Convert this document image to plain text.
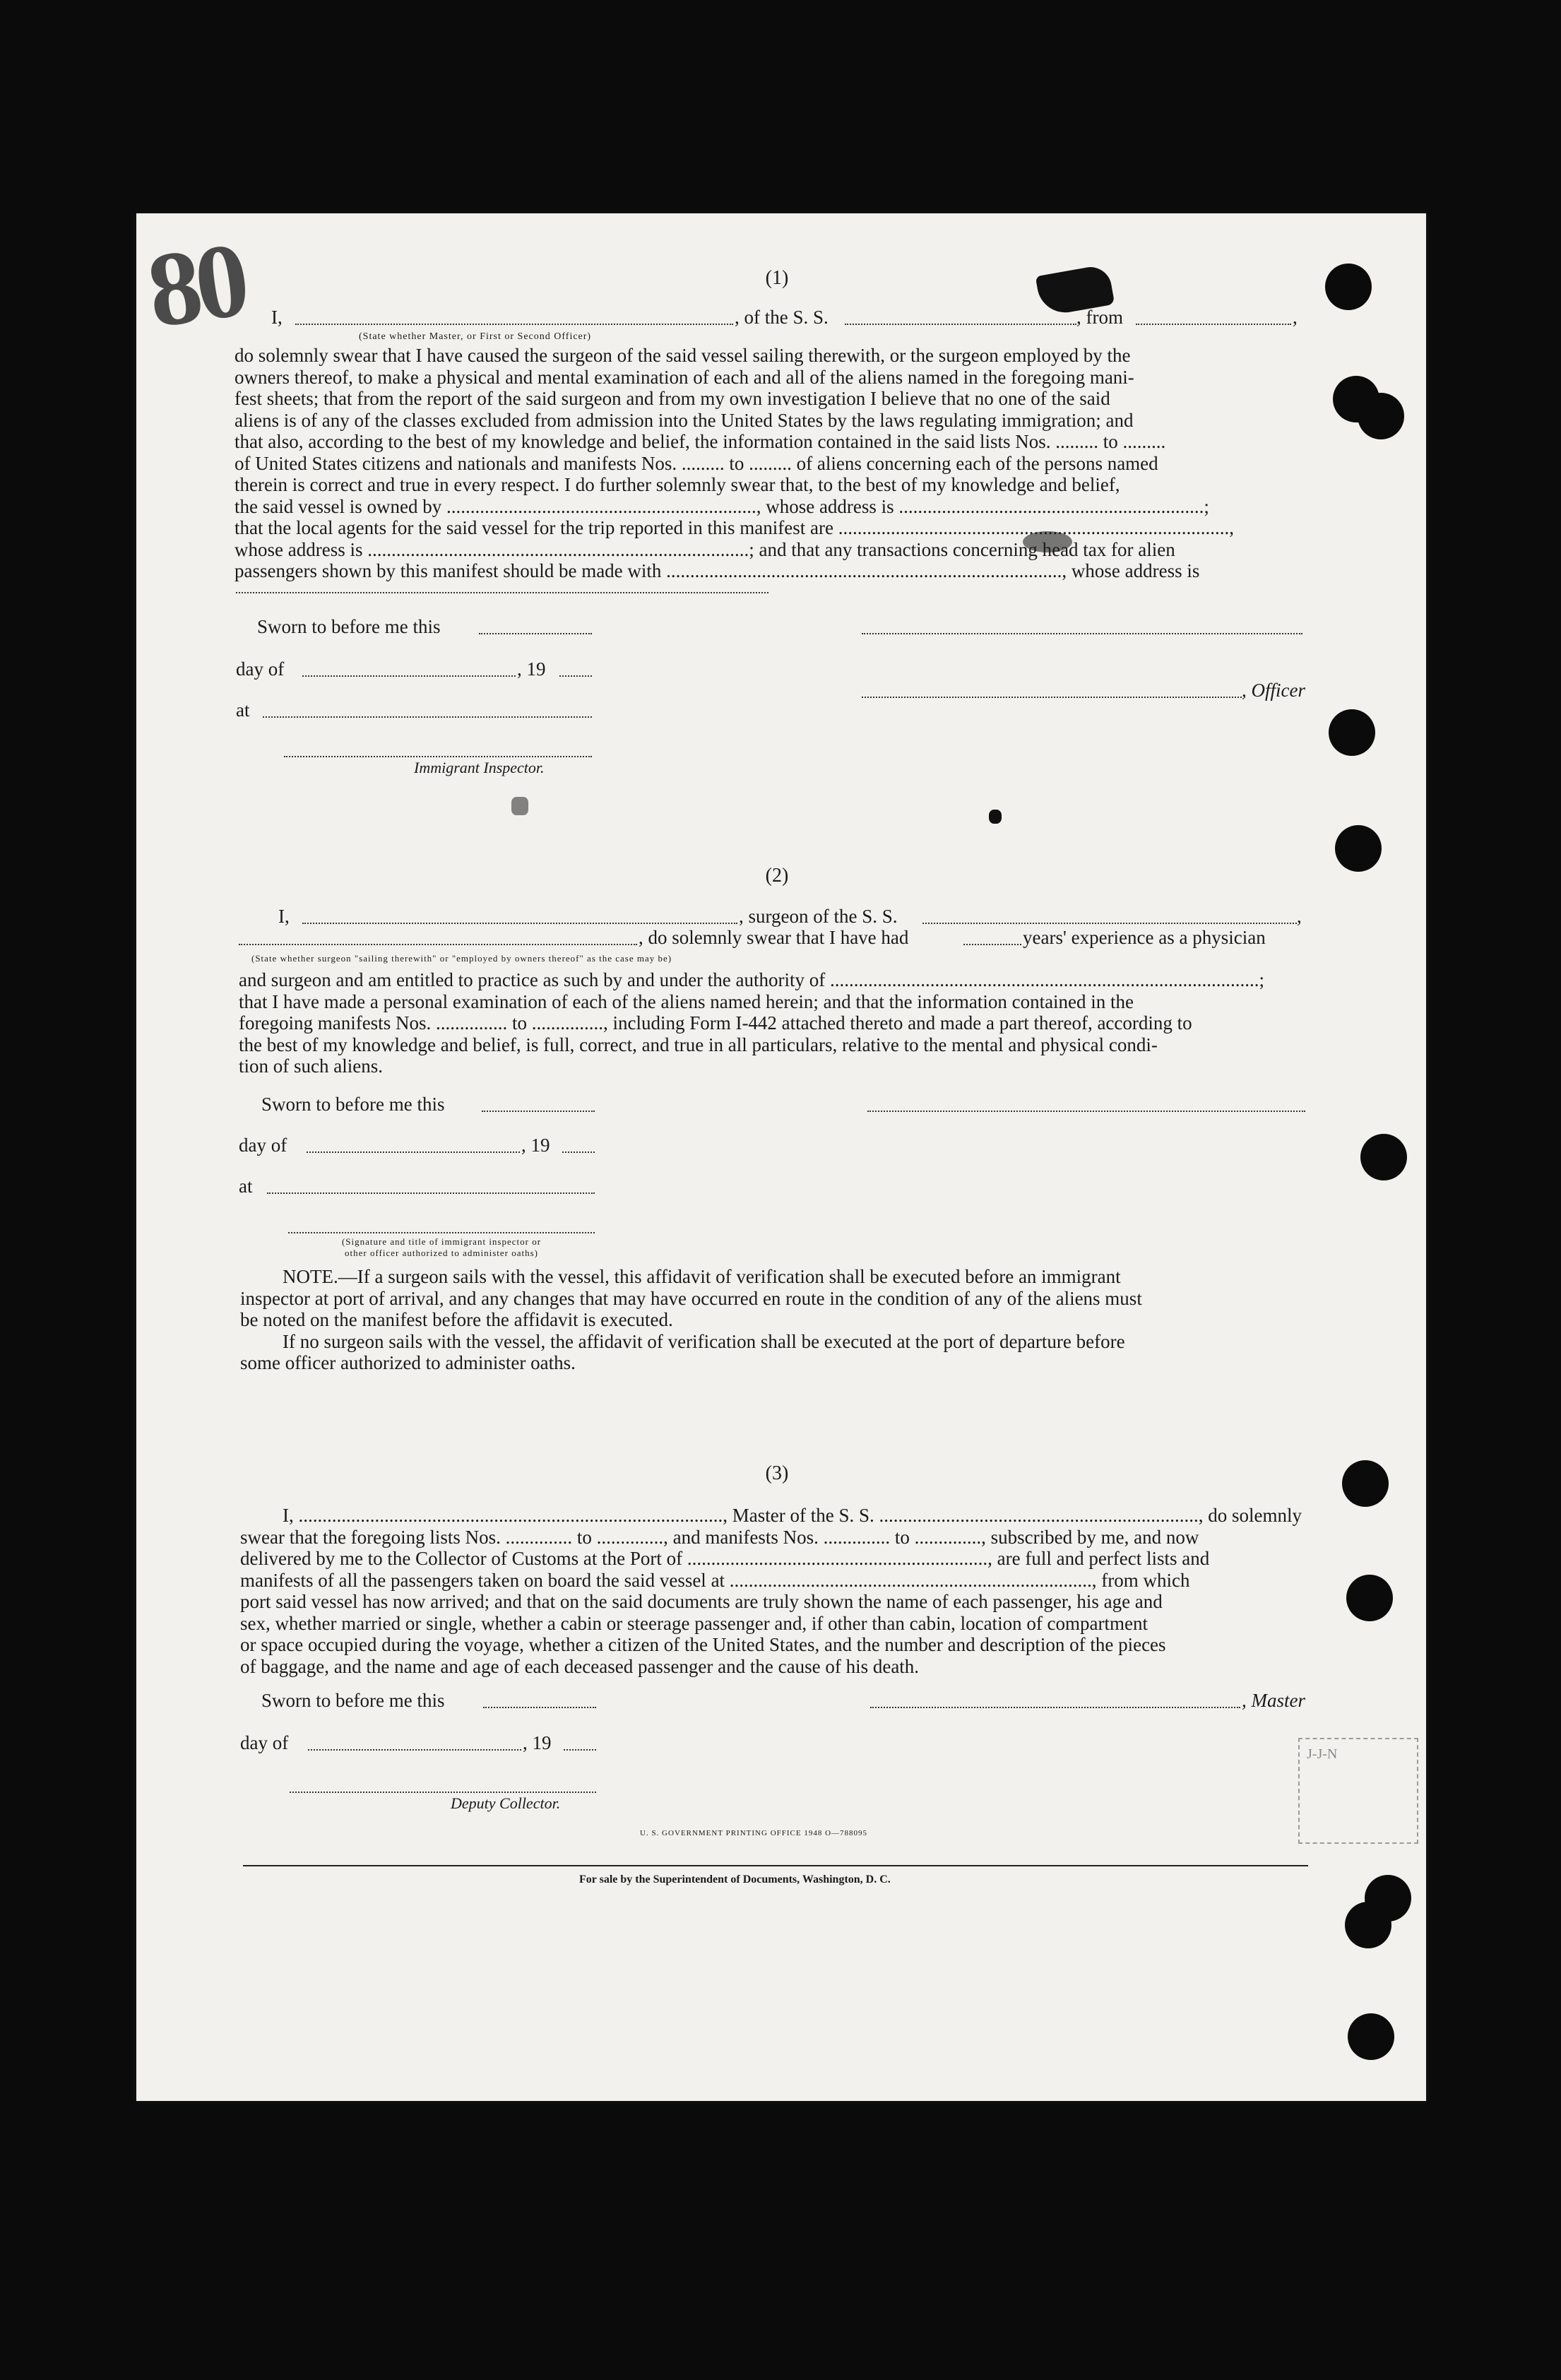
80	(1)
I,	, of the S. S.	, from	,
(State whether Master, or First or Second Officer)
do solemnly swear that I have caused the surgeon of the said vessel sailing therewith, or the surgeon employed by the
owners thereof, to make a physical and mental examination of each and all of the aliens named in the foregoing mani-
fest sheets; that from the report of the said surgeon and from my own investigation I believe that no one of the said
aliens is of any of the classes excluded from admission into the United States by the laws regulating immigration; and
that also, according to the best of my knowledge and belief, the information contained in the said lists Nos. ......... to .........
of United States citizens and nationals and manifests Nos. ......... to ......... of aliens concerning each of the persons named
therein is correct and true in every respect. I do further solemnly swear that, to the best of my knowledge and belief,
the said vessel is owned by ................................................................., whose address is ................................................................;
that the local agents for the said vessel for the trip reported in this manifest are ..................................................................................,
whose address is ................................................................................; and that any transactions concerning head tax for alien
passengers shown by this manifest should be made with ..................................................................................., whose address is
Sworn to before me this
day of	, 19
, Officer
at
Immigrant Inspector.
(2)
I,	, surgeon of the S. S.	,
, do solemnly swear that I have had	years' experience as a physician
(State whether surgeon "sailing therewith" or "employed by owners thereof" as the case may be)
and surgeon and am entitled to practice as such by and under the authority of ..........................................................................................;
that I have made a personal examination of each of the aliens named herein; and that the information contained in the
foregoing manifests Nos. ............... to ..............., including Form I-442 attached thereto and made a part thereof, according to
the best of my knowledge and belief, is full, correct, and true in all particulars, relative to the mental and physical condi-
tion of such aliens.
Sworn to before me this
day of	, 19
at
(Signature and title of immigrant inspector or
other officer authorized to administer oaths)
NOTE.—If a surgeon sails with the vessel, this affidavit of verification shall be executed before an immigrant
inspector at port of arrival, and any changes that may have occurred en route in the condition of any of the aliens must
be noted on the manifest before the affidavit is executed.
If no surgeon sails with the vessel, the affidavit of verification shall be executed at the port of departure before
some officer authorized to administer oaths.
(3)
I, ........................................................................................., Master of the S. S. ..................................................................., do solemnly
swear that the foregoing lists Nos. .............. to .............., and manifests Nos. .............. to .............., subscribed by me, and now
delivered by me to the Collector of Customs at the Port of ..............................................................., are full and perfect lists and
manifests of all the passengers taken on board the said vessel at ............................................................................, from which
port said vessel has now arrived; and that on the said documents are truly shown the name of each passenger, his age and
sex, whether married or single, whether a cabin or steerage passenger and, if other than cabin, location of compartment
or space occupied during the voyage, whether a citizen of the United States, and the number and description of the pieces
of baggage, and the name and age of each deceased passenger and the cause of his death.
Sworn to before me this	, Master
day of	, 19
Deputy Collector.
U. S. GOVERNMENT PRINTING OFFICE 1948 O—788095
For sale by the Superintendent of Documents, Washington, D. C.
J-J-N
